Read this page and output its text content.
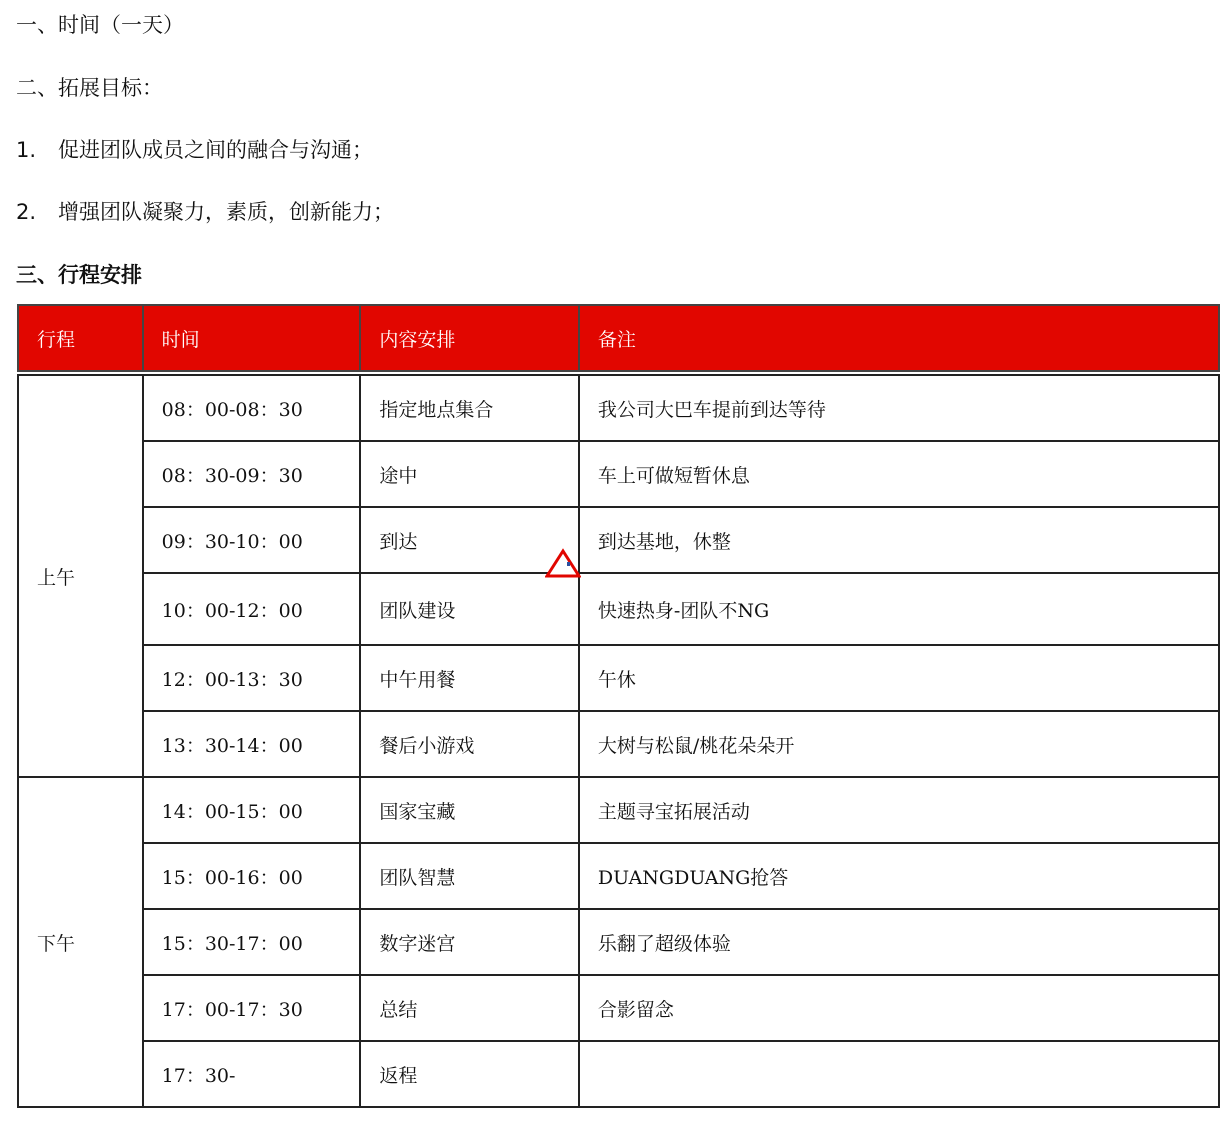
一、时间（一天）
二、拓展目标：
1. 促进团队成员之间的融合与沟通；
2. 增强团队凝聚力，素质，创新能力；
三、行程安排
行程	时间	内容安排	备注

上午	08：00-08：30	指定地点集合	我公司大巴车提前到达等待
	08：30-09：30	途中	车上可做短暂休息
	09：30-10：00	到达	到达基地，休整
	10：00-12：00	团队建设	快速热身-团队不NG
	12：00-13：30	中午用餐	午休
	13：30-14：00	餐后小游戏	大树与松鼠/桃花朵朵开
下午	14：00-15：00	国家宝藏	主题寻宝拓展活动
	15：00-16：00	团队智慧	DUANGDUANG抢答
	15：30-17：00	数字迷宫	乐翻了超级体验
	17：00-17：30	总结	合影留念
	17：30-	返程	
